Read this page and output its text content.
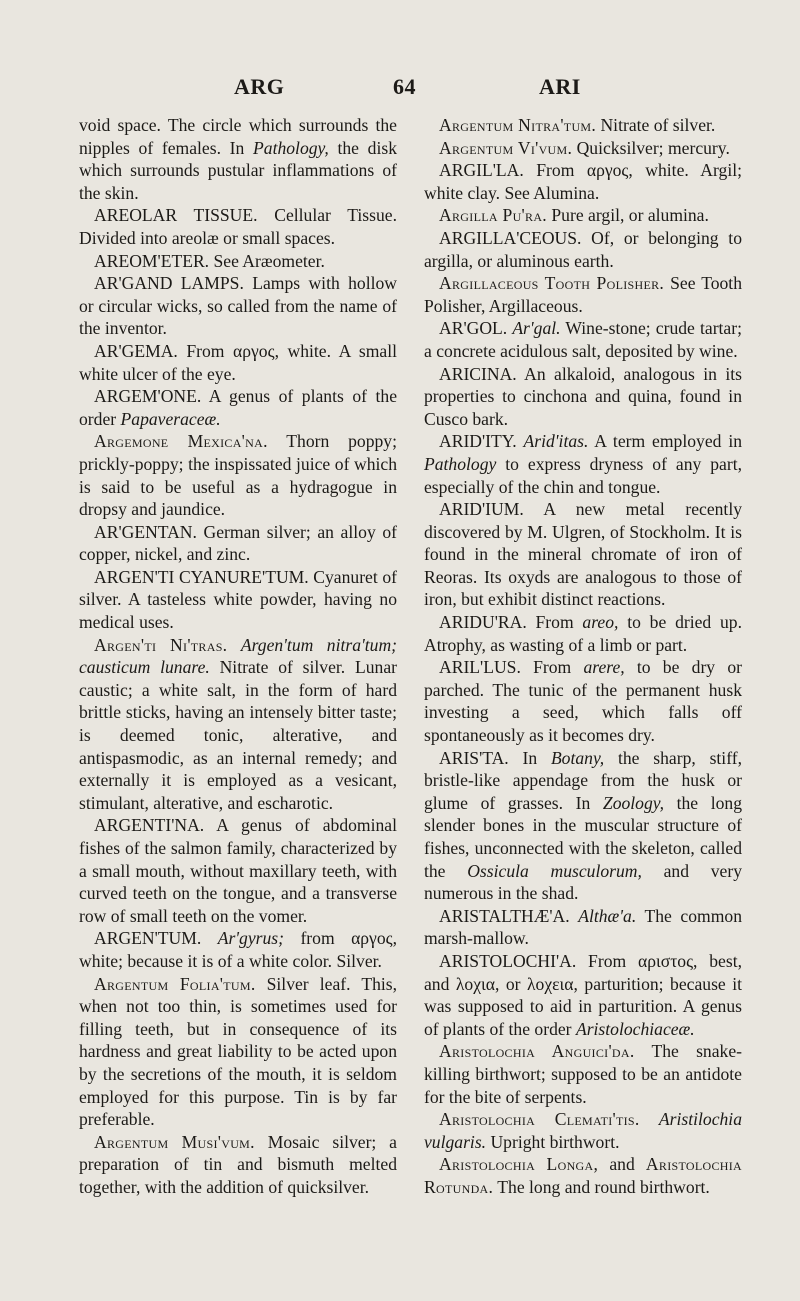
ARG	64	ARI

void space. The circle which surrounds the nipples of females. In Pathology, the disk which surrounds pustular inflammations of the skin.

AREOLAR TISSUE. Cellular Tissue. Divided into areolæ or small spaces.

AREOM'ETER. See Aræometer.

AR'GAND LAMPS. Lamps with hollow or circular wicks, so called from the name of the inventor.

AR'GEMA. From αργος, white. A small white ulcer of the eye.

ARGEM'ONE. A genus of plants of the order Papaveraceæ.

Argemone Mexica'na. Thorn poppy; prickly-poppy; the inspissated juice of which is said to be useful as a hydragogue in dropsy and jaundice.

AR'GENTAN. German silver; an alloy of copper, nickel, and zinc.

ARGEN'TI CYANURE'TUM. Cyanuret of silver. A tasteless white powder, having no medical uses.

Argen'ti Ni'tras. Argen'tum nitra'tum; causticum lunare. Nitrate of silver. Lunar caustic; a white salt, in the form of hard brittle sticks, having an intensely bitter taste; is deemed tonic, alterative, and antispasmodic, as an internal remedy; and externally it is employed as a vesicant, stimulant, alterative, and escharotic.

ARGENTI'NA. A genus of abdominal fishes of the salmon family, characterized by a small mouth, without maxillary teeth, with curved teeth on the tongue, and a transverse row of small teeth on the vomer.

ARGEN'TUM. Ar'gyrus; from αργος, white; because it is of a white color. Silver.

Argentum Folia'tum. Silver leaf. This, when not too thin, is sometimes used for filling teeth, but in consequence of its hardness and great liability to be acted upon by the secretions of the mouth, it is seldom employed for this purpose. Tin is by far preferable.

Argentum Musi'vum. Mosaic silver; a preparation of tin and bismuth melted together, with the addition of quicksilver.

Argentum Nitra'tum. Nitrate of silver.

Argentum Vi'vum. Quicksilver; mercury.

ARGIL'LA. From αργος, white. Argil; white clay. See Alumina.

Argilla Pu'ra. Pure argil, or alumina.

ARGILLA'CEOUS. Of, or belonging to argilla, or aluminous earth.

Argillaceous Tooth Polisher. See Tooth Polisher, Argillaceous.

AR'GOL. Ar'gal. Wine-stone; crude tartar; a concrete acidulous salt, deposited by wine.

ARICINA. An alkaloid, analogous in its properties to cinchona and quina, found in Cusco bark.

ARID'ITY. Arid'itas. A term employed in Pathology to express dryness of any part, especially of the chin and tongue.

ARID'IUM. A new metal recently discovered by M. Ulgren, of Stockholm. It is found in the mineral chromate of iron of Reoras. Its oxyds are analogous to those of iron, but exhibit distinct reactions.

ARIDU'RA. From areo, to be dried up. Atrophy, as wasting of a limb or part.

ARIL'LUS. From arere, to be dry or parched. The tunic of the permanent husk investing a seed, which falls off spontaneously as it becomes dry.

ARIS'TA. In Botany, the sharp, stiff, bristle-like appendage from the husk or glume of grasses. In Zoology, the long slender bones in the muscular structure of fishes, unconnected with the skeleton, called the Ossicula musculorum, and very numerous in the shad.

ARISTALTHÆ'A. Althæ'a. The common marsh-mallow.

ARISTOLOCHI'A. From αριστος, best, and λοχια, or λοχεια, parturition; because it was supposed to aid in parturition. A genus of plants of the order Aristolochiaceæ.

Aristolochia Anguici'da. The snake-killing birthwort; supposed to be an antidote for the bite of serpents.

Aristolochia Clemati'tis. Aristilochia vulgaris. Upright birthwort.

Aristolochia Longa, and Aristolochia Rotunda. The long and round birthwort.
